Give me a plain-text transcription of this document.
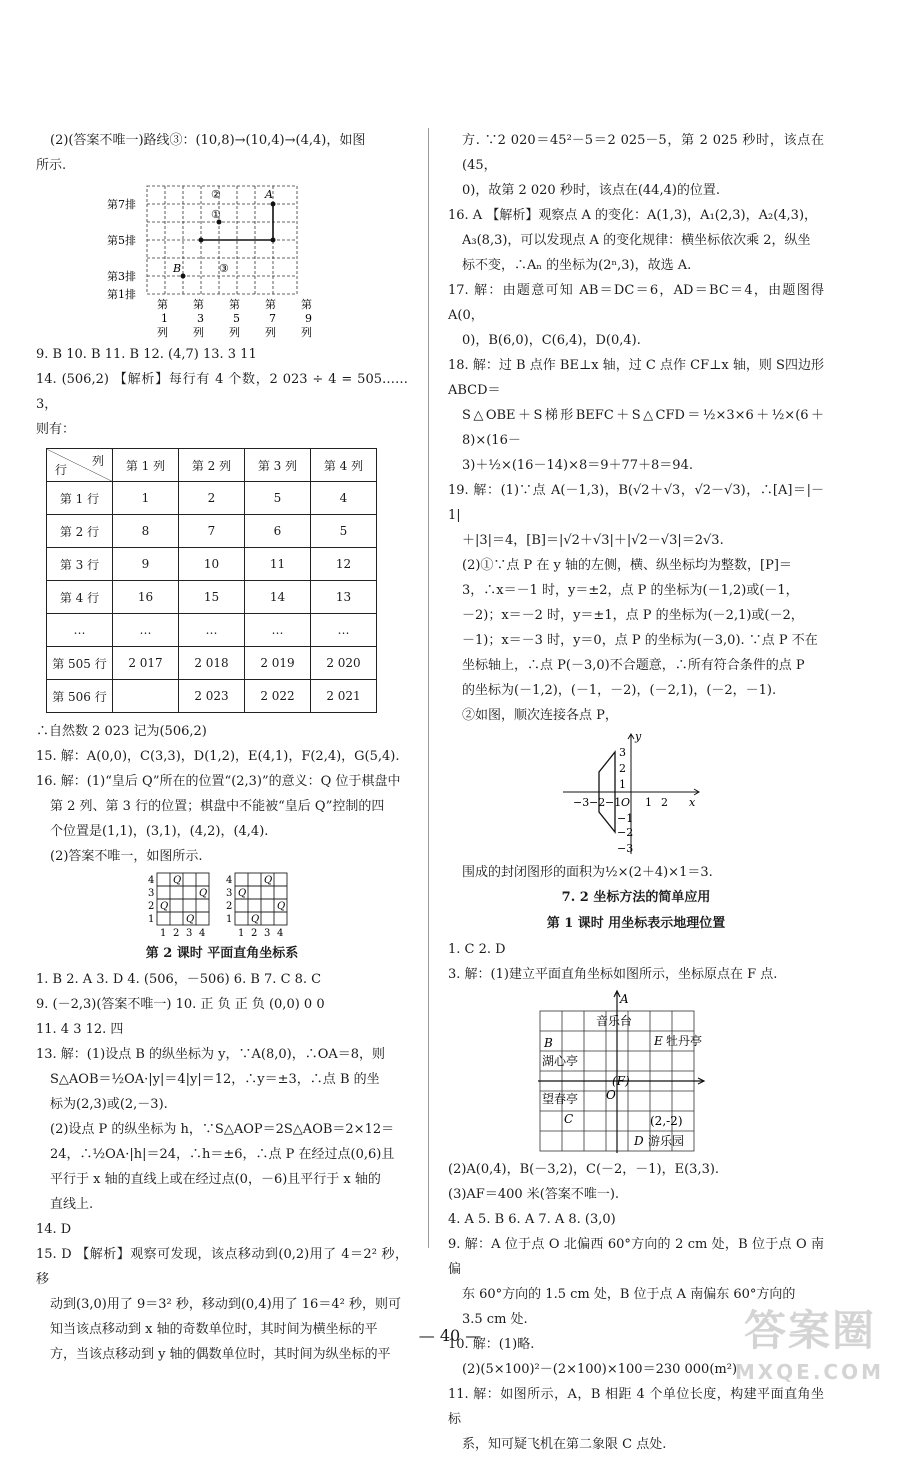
(2)(答案不唯一)路线③：(10,8)→(10,4)→(4,4)，如图

所示.

第7排
第5排
第3排
第1排
②	A
①
B	③
第 第 第 第 第
1	3	5	7	9
列 列 列 列 列

9. B 10. B 11. B 12. (4,7) 13. 3 11

14. (506,2) 【解析】每行有 4 个数，2 023 ÷ 4 = 505……3，

则有：

列
行	第 1 列	第 2 列	第 3 列	第 4 列
第 1 行	1	2	5	4
第 2 行	8	7	6	5
第 3 行	9	10	11	12
第 4 行	16	15	14	13
…	…	…	…	…
第 505 行	2 017	2 018	2 019	2 020
第 506 行		2 023	2 022	2 021

∴自然数 2 023 记为(506,2)

15. 解：A(0,0)，C(3,3)，D(1,2)，E(4,1)，F(2,4)，G(5,4).

16. 解：(1)“皇后 Q”所在的位置“(2,3)”的意义：Q 位于棋盘中

第 2 列、第 3 行的位置；棋盘中不能被“皇后 Q”控制的四

个位置是(1,1)，(3,1)，(4,2)，(4,4).

(2)答案不唯一，如图所示.

4
3
2
1
4
3
2
1
1 2 3 4	1 2 3 4
Q
Q
Q
Q
Q
Q
Q
Q

第 2 课时 平面直角坐标系

1. B 2. A 3. D 4. (506，－506) 6. B 7. C 8. C

9. (－2,3)(答案不唯一) 10. 正 负 正 负 (0,0) 0 0

11. 4 3 12. 四

13. 解：(1)设点 B 的纵坐标为 y，∵A(8,0)，∴OA＝8，则

S△AOB＝½OA·|y|＝4|y|＝12，∴y＝±3，∴点 B 的坐

标为(2,3)或(2,－3).

(2)设点 P 的纵坐标为 h，∵S△AOP＝2S△AOB＝2×12＝

24，∴½OA·|h|＝24，∴h＝±6，∴点 P 在经过点(0,6)且

平行于 x 轴的直线上或在经过点(0，－6)且平行于 x 轴的

直线上.

14. D

15. D 【解析】观察可发现，该点移动到(0,2)用了 4＝2² 秒，移

动到(3,0)用了 9＝3² 秒，移动到(0,4)用了 16＝4² 秒，则可

知当该点移动到 x 轴的奇数单位时，其时间为横坐标的平

方，当该点移动到 y 轴的偶数单位时，其时间为纵坐标的平

方. ∵2 020＝45²－5＝2 025－5，第 2 025 秒时，该点在(45，

0)，故第 2 020 秒时，该点在(44,4)的位置.

16. A 【解析】观察点 A 的变化：A(1,3)，A₁(2,3)，A₂(4,3)，

A₃(8,3)，可以发现点 A 的变化规律：横坐标依次乘 2，纵坐

标不变，∴Aₙ 的坐标为(2ⁿ,3)，故选 A.

17. 解：由题意可知 AB＝DC＝6，AD＝BC＝4，由题图得 A(0，

0)，B(6,0)，C(6,4)，D(0,4).

18. 解：过 B 点作 BE⊥x 轴，过 C 点作 CF⊥x 轴，则 S四边形ABCD＝

S△OBE＋S梯形BEFC＋S△CFD＝½×3×6＋½×(6＋8)×(16－

3)＋½×(16－14)×8＝9＋77＋8＝94.

19. 解：(1)∵点 A(－1,3)，B(√2＋√3，√2－√3)，∴[A]＝|－1|

＋|3|＝4，[B]＝|√2＋√3|＋|√2－√3|＝2√3.

(2)①∵点 P 在 y 轴的左侧，横、纵坐标均为整数，[P]＝

3，∴x＝－1 时，y＝±2，点 P 的坐标为(－1,2)或(－1，

－2)；x＝－2 时，y＝±1，点 P 的坐标为(－2,1)或(－2，

－1)；x＝－3 时，y＝0，点 P 的坐标为(－3,0). ∵点 P 不在

坐标轴上，∴点 P(－3,0)不合题意，∴所有符合条件的点 P

的坐标为(－1,2)，(－1，－2)，(－2,1)，(－2，－1).

②如图，顺次连接各点 P，

−3 −2 −1 O 1 2 x
y
3
2
1
−1
−2
−3

围成的封闭图形的面积为½×(2＋4)×1＝3.

7. 2 坐标方法的简单应用

第 1 课时 用坐标表示地理位置

1. C 2. D

3. 解：(1)建立平面直角坐标如图所示，坐标原点在 F 点.

A
音乐台
B	E 牡丹亭
湖心亭
(F)
望春亭 O
C	(2,-2)
D 游乐园

(2)A(0,4)，B(－3,2)，C(－2，－1)，E(3,3).

(3)AF＝400 米(答案不唯一).

4. A 5. B 6. A 7. A 8. (3,0)

9. 解：A 位于点 O 北偏西 60°方向的 2 cm 处，B 位于点 O 南偏

东 60°方向的 1.5 cm 处，B 位于点 A 南偏东 60°方向的

3.5 cm 处.

10. 解：(1)略.

(2)(5×100)²－(2×100)×100＝230 000(m²).

11. 解：如图所示，A，B 相距 4 个单位长度，构建平面直角坐标

系，知可疑飞机在第二象限 C 点处.

— 40 —	答案圈
MXQE.COM
